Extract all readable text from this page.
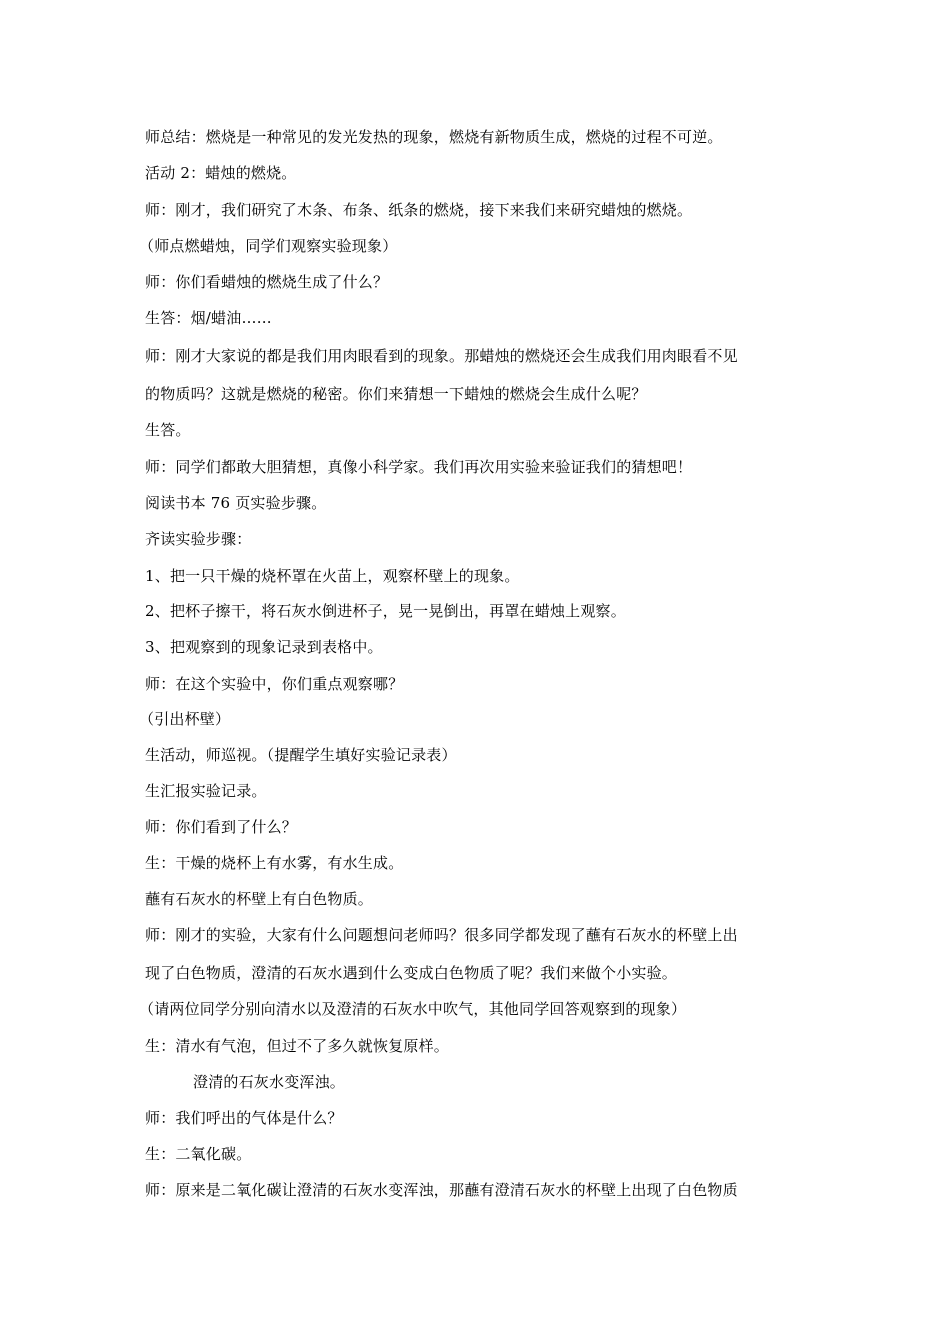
师总结：燃烧是一种常见的发光发热的现象，燃烧有新物质生成，燃烧的过程不可逆。
活动 2：蜡烛的燃烧。
师：刚才，我们研究了木条、布条、纸条的燃烧，接下来我们来研究蜡烛的燃烧。
（师点燃蜡烛，同学们观察实验现象）
师：你们看蜡烛的燃烧生成了什么？
生答：烟/蜡油……
师：刚才大家说的都是我们用肉眼看到的现象。那蜡烛的燃烧还会生成我们用肉眼看不见
的物质吗？这就是燃烧的秘密。你们来猜想一下蜡烛的燃烧会生成什么呢？
生答。
师：同学们都敢大胆猜想，真像小科学家。我们再次用实验来验证我们的猜想吧！
阅读书本 76 页实验步骤。
齐读实验步骤：
1、把一只干燥的烧杯罩在火苗上，观察杯壁上的现象。
2、把杯子擦干，将石灰水倒进杯子，晃一晃倒出，再罩在蜡烛上观察。
3、把观察到的现象记录到表格中。
师：在这个实验中，你们重点观察哪？
（引出杯壁）
生活动，师巡视。（提醒学生填好实验记录表）
生汇报实验记录。
师：你们看到了什么？
生：干燥的烧杯上有水雾，有水生成。
蘸有石灰水的杯壁上有白色物质。
师：刚才的实验，大家有什么问题想问老师吗？很多同学都发现了蘸有石灰水的杯壁上出
现了白色物质，澄清的石灰水遇到什么变成白色物质了呢？我们来做个小实验。
（请两位同学分别向清水以及澄清的石灰水中吹气，其他同学回答观察到的现象）
生：清水有气泡，但过不了多久就恢复原样。
澄清的石灰水变浑浊。
师：我们呼出的气体是什么？
生：二氧化碳。
师：原来是二氧化碳让澄清的石灰水变浑浊，那蘸有澄清石灰水的杯壁上出现了白色物质
